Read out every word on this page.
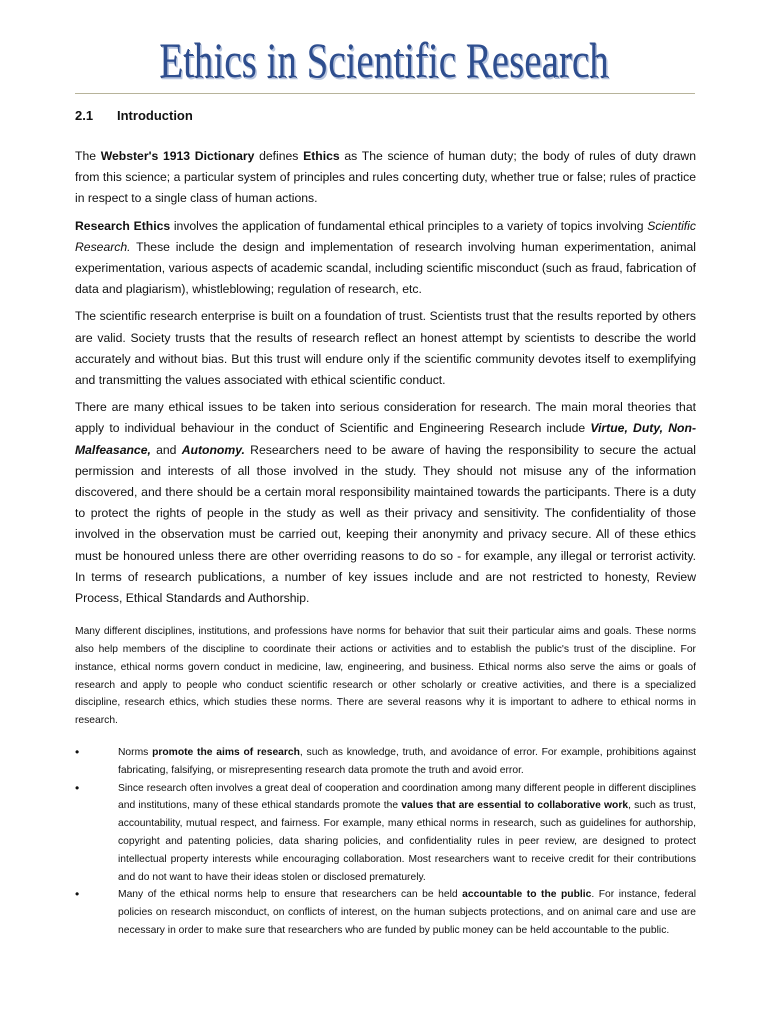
Ethics in Scientific Research
2.1 Introduction

The Webster's 1913 Dictionary defines Ethics as The science of human duty; the body of rules of duty drawn from this science; a particular system of principles and rules concerting duty, whether true or false; rules of practice in respect to a single class of human actions.

Research Ethics involves the application of fundamental ethical principles to a variety of topics involving Scientific Research. These include the design and implementation of research involving human experimentation, animal experimentation, various aspects of academic scandal, including scientific misconduct (such as fraud, fabrication of data and plagiarism), whistleblowing; regulation of research, etc.

The scientific research enterprise is built on a foundation of trust. Scientists trust that the results reported by others are valid. Society trusts that the results of research reflect an honest attempt by scientists to describe the world accurately and without bias. But this trust will endure only if the scientific community devotes itself to exemplifying and transmitting the values associated with ethical scientific conduct.

There are many ethical issues to be taken into serious consideration for research. The main moral theories that apply to individual behaviour in the conduct of Scientific and Engineering Research include Virtue, Duty, Non-Malfeasance, and Autonomy. Researchers need to be aware of having the responsibility to secure the actual permission and interests of all those involved in the study. They should not misuse any of the information discovered, and there should be a certain moral responsibility maintained towards the participants. There is a duty to protect the rights of people in the study as well as their privacy and sensitivity. The confidentiality of those involved in the observation must be carried out, keeping their anonymity and privacy secure. All of these ethics must be honoured unless there are other overriding reasons to do so - for example, any illegal or terrorist activity. In terms of research publications, a number of key issues include and are not restricted to honesty, Review Process, Ethical Standards and Authorship.

Many different disciplines, institutions, and professions have norms for behavior that suit their particular aims and goals. These norms also help members of the discipline to coordinate their actions or activities and to establish the public's trust of the discipline. For instance, ethical norms govern conduct in medicine, law, engineering, and business. Ethical norms also serve the aims or goals of research and apply to people who conduct scientific research or other scholarly or creative activities, and there is a specialized discipline, research ethics, which studies these norms. There are several reasons why it is important to adhere to ethical norms in research.

•	Norms promote the aims of research, such as knowledge, truth, and avoidance of error. For example, prohibitions against fabricating, falsifying, or misrepresenting research data promote the truth and avoid error.
•	Since research often involves a great deal of cooperation and coordination among many different people in different disciplines and institutions, many of these ethical standards promote the values that are essential to collaborative work, such as trust, accountability, mutual respect, and fairness. For example, many ethical norms in research, such as guidelines for authorship, copyright and patenting policies, data sharing policies, and confidentiality rules in peer review, are designed to protect intellectual property interests while encouraging collaboration. Most researchers want to receive credit for their contributions and do not want to have their ideas stolen or disclosed prematurely.
•	Many of the ethical norms help to ensure that researchers can be held accountable to the public. For instance, federal policies on research misconduct, on conflicts of interest, on the human subjects protections, and on animal care and use are necessary in order to make sure that researchers who are funded by public money can be held accountable to the public.
